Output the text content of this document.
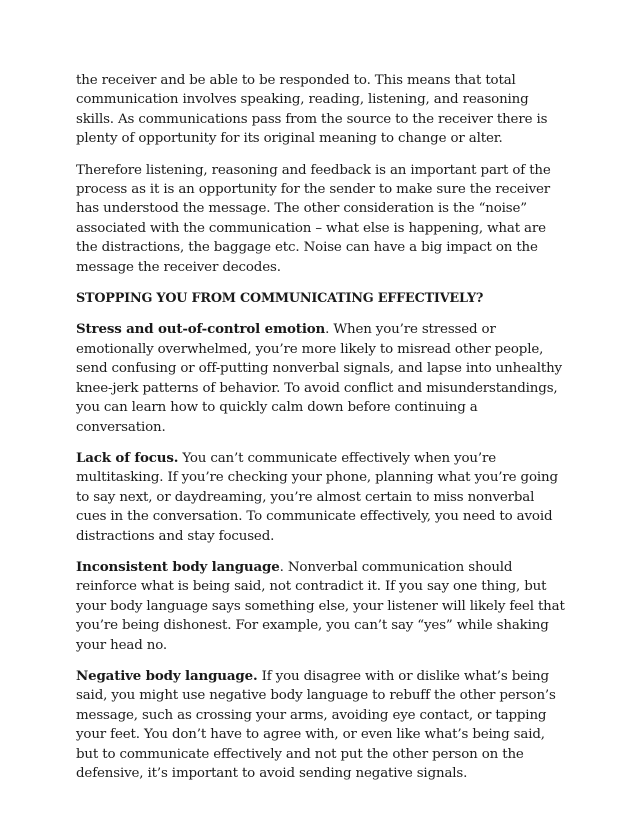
the receiver and be able to be responded to. This means that total communication involves speaking, reading, listening, and reasoning skills. As communications pass from the source to the receiver there is plenty of opportunity for its original meaning to change or alter.

Therefore listening, reasoning and feedback is an important part of the process as it is an opportunity for the sender to make sure the receiver has understood the message. The other consideration is the “noise” associated with the communication – what else is happening, what are the distractions, the baggage etc. Noise can have a big impact on the message the receiver decodes.

STOPPING YOU FROM COMMUNICATING EFFECTIVELY?

Stress and out-of-control emotion. When you’re stressed or emotionally overwhelmed, you’re more likely to misread other people, send confusing or off-putting nonverbal signals, and lapse into unhealthy knee-jerk patterns of behavior. To avoid conflict and misunderstandings, you can learn how to quickly calm down before continuing a conversation.

Lack of focus. You can’t communicate effectively when you’re multitasking. If you’re checking your phone, planning what you’re going to say next, or daydreaming, you’re almost certain to miss nonverbal cues in the conversation. To communicate effectively, you need to avoid distractions and stay focused.

Inconsistent body language. Nonverbal communication should reinforce what is being said, not contradict it. If you say one thing, but your body language says something else, your listener will likely feel that you’re being dishonest. For example, you can’t say “yes” while shaking your head no.

Negative body language. If you disagree with or dislike what’s being said, you might use negative body language to rebuff the other person’s message, such as crossing your arms, avoiding eye contact, or tapping your feet. You don’t have to agree with, or even like what’s being said, but to communicate effectively and not put the other person on the defensive, it’s important to avoid sending negative signals.
